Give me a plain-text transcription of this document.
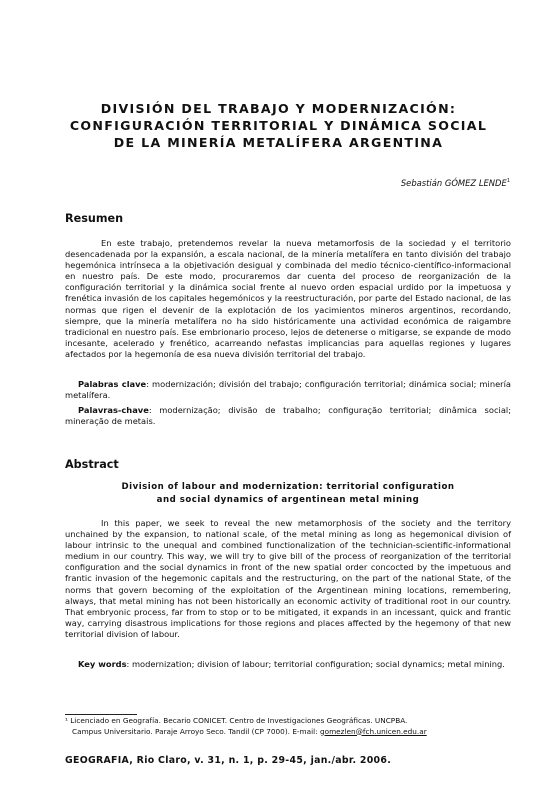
DIVISIÓN DEL TRABAJO Y MODERNIZACIÓN:
CONFIGURACIÓN TERRITORIAL Y DINÁMICA SOCIAL
DE LA MINERÍA METALÍFERA ARGENTINA
Sebastián GÓMEZ LENDE$^1$
Resumen

En este trabajo, pretendemos revelar la nueva metamorfosis de la sociedad y el territorio desencadenada por la expansión, a escala nacional, de la minería metalífera en tanto división del trabajo hegemónica intrínseca a la objetivación desigual y combinada del medio técnico-científico-informacional en nuestro país. De este modo, procuraremos dar cuenta del proceso de reorganización de la configuración territorial y la dinámica social frente al nuevo orden espacial urdido por la impetuosa y frenética invasión de los capitales hegemónicos y la reestructuración, por parte del Estado nacional, de las normas que rigen el devenir de la explotación de los yacimientos mineros argentinos, recordando, siempre, que la minería metalífera no ha sido históricamente una actividad económica de raigambre tradicional en nuestro país. Ese embrionario proceso, lejos de detenerse o mitigarse, se expande de modo incesante, acelerado y frenético, acarreando nefastas implicancias para aquellas regiones y lugares afectados por la hegemonía de esa nueva división territorial del trabajo.

Palabras clave: modernización; división del trabajo; configuración territorial; dinámica social; minería metalífera.

Palavras-chave: modernização; divisão de trabalho; configuração territorial; dinâmica social; mineração de metais.

Abstract
Division of labour and modernization: territorial configuration
and social dynamics of argentinean metal mining

In this paper, we seek to reveal the new metamorphosis of the society and the territory unchained by the expansion, to national scale, of the metal mining as long as hegemonical division of labour intrinsic to the unequal and combined functionalization of the technician-scientific-informational medium in our country. This way, we will try to give bill of the process of reorganization of the territorial configuration and the social dynamics in front of the new spatial order concocted by the impetuous and frantic invasion of the hegemonic capitals and the restructuring, on the part of the national State, of the norms that govern becoming of the exploitation of the Argentinean mining locations, remembering, always, that metal mining has not been historically an economic activity of traditional root in our country. That embryonic process, far from to stop or to be mitigated, it expands in an incessant, quick and frantic way, carrying disastrous implications for those regions and places affected by the hegemony of that new territorial division of labour.

Key words: modernization; division of labour; territorial configuration; social dynamics; metal mining.

¹ Licenciado en Geografía. Becario CONICET. Centro de Investigaciones Geográficas. UNCPBA.
Campus Universitario. Paraje Arroyo Seco. Tandil (CP 7000). E-mail: gomezlen@fch.unicen.edu.ar
GEOGRAFIA, Rio Claro, v. 31, n. 1, p. 29-45, jan./abr. 2006.
